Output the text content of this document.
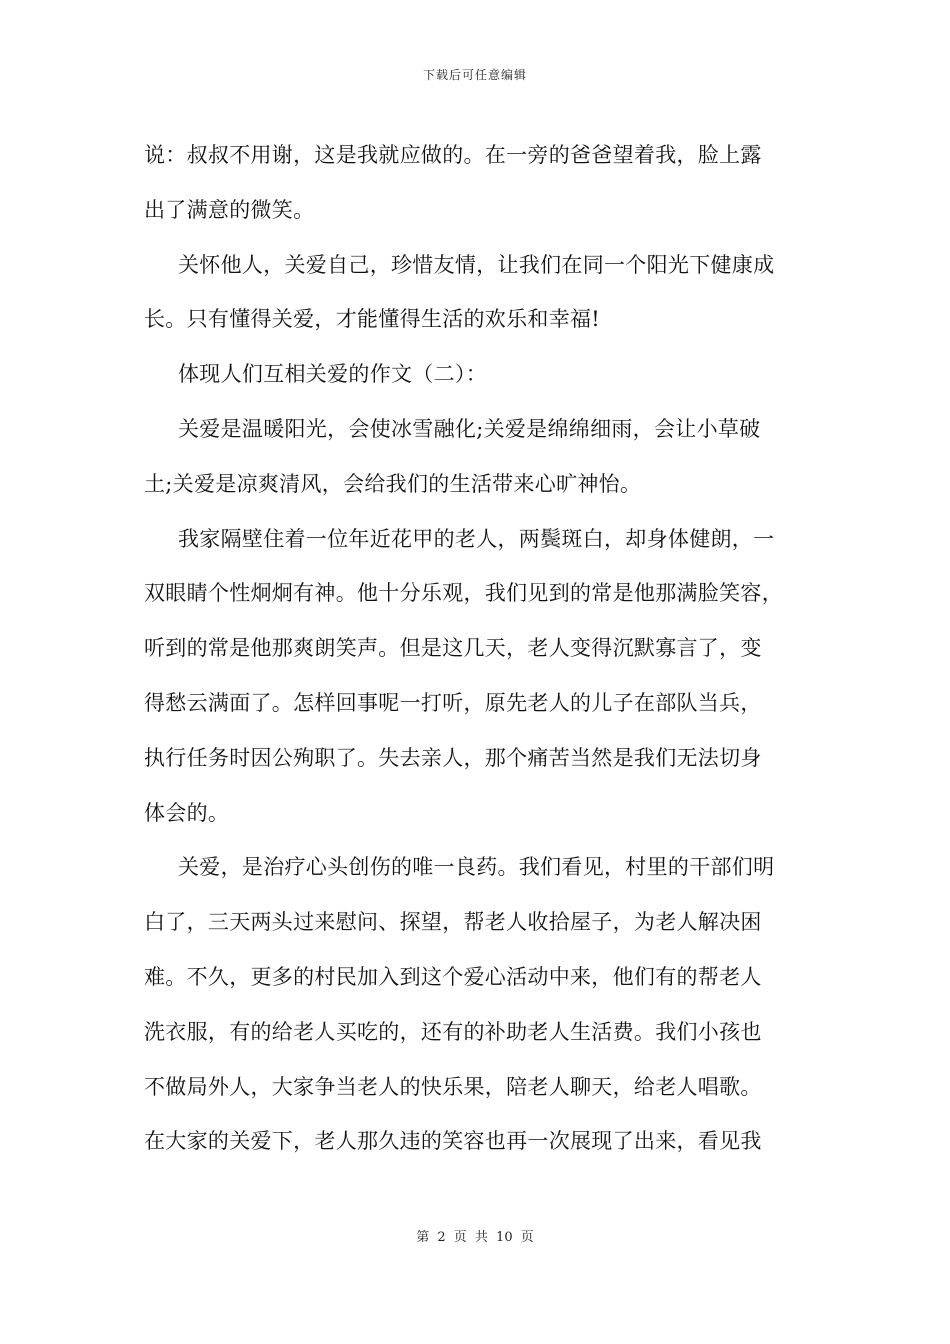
下载后可任意编辑
说：叔叔不用谢，这是我就应做的。在一旁的爸爸望着我，脸上露
出了满意的微笑。
关怀他人，关爱自己，珍惜友情，让我们在同一个阳光下健康成
长。只有懂得关爱，才能懂得生活的欢乐和幸福!
体现人们互相关爱的作文（二）：
关爱是温暖阳光，会使冰雪融化;关爱是绵绵细雨，会让小草破
土;关爱是凉爽清风，会给我们的生活带来心旷神怡。
我家隔壁住着一位年近花甲的老人，两鬓斑白，却身体健朗，一
双眼睛个性炯炯有神。他十分乐观，我们见到的常是他那满脸笑容，
听到的常是他那爽朗笑声。但是这几天，老人变得沉默寡言了，变
得愁云满面了。怎样回事呢一打听，原先老人的儿子在部队当兵，
执行任务时因公殉职了。失去亲人，那个痛苦当然是我们无法切身
体会的。
关爱，是治疗心头创伤的唯一良药。我们看见，村里的干部们明
白了，三天两头过来慰问、探望，帮老人收拾屋子，为老人解决困
难。不久，更多的村民加入到这个爱心活动中来，他们有的帮老人
洗衣服，有的给老人买吃的，还有的补助老人生活费。我们小孩也
不做局外人，大家争当老人的快乐果，陪老人聊天，给老人唱歌。
在大家的关爱下，老人那久违的笑容也再一次展现了出来，看见我
第 2 页 共 10 页
